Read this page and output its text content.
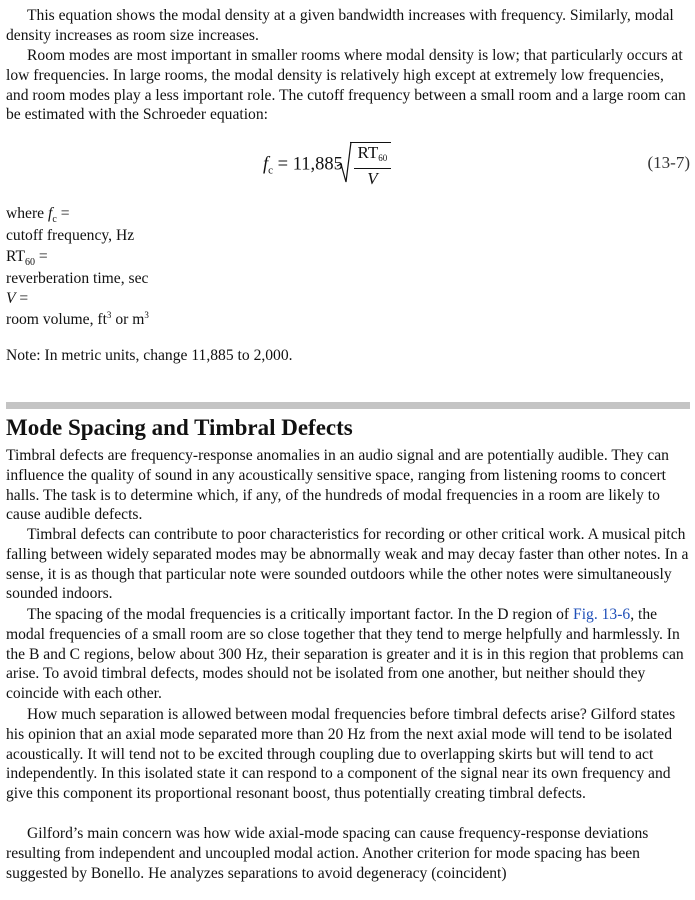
This equation shows the modal density at a given bandwidth increases with frequency. Similarly, modal density increases as room size increases.

Room modes are most important in smaller rooms where modal density is low; that particularly occurs at low frequencies. In large rooms, the modal density is relatively high except at extremely low frequencies, and room modes play a less important role. The cutoff frequency between a small room and a large room can be estimated with the Schroeder equation:

$f_c = 11,885 \frac{RT_{60}}{V}$	(13-7)

where $f_c$ =

cutoff frequency, Hz

$RT_{60}$ =

reverberation time, sec

V =

room volume, $ft^3$ or $m^3$

Note: In metric units, change 11,885 to 2,000.

Mode Spacing and Timbral Defects

Timbral defects are frequency-response anomalies in an audio signal and are potentially audible. They can influence the quality of sound in any acoustically sensitive space, ranging from listening rooms to concert halls. The task is to determine which, if any, of the hundreds of modal frequencies in a room are likely to cause audible defects.

Timbral defects can contribute to poor characteristics for recording or other critical work. A musical pitch falling between widely separated modes may be abnormally weak and may decay faster than other notes. In a sense, it is as though that particular note were sounded outdoors while the other notes were simultaneously sounded indoors.

The spacing of the modal frequencies is a critically important factor. In the D region of Fig. 13-6, the modal frequencies of a small room are so close together that they tend to merge helpfully and harmlessly. In the B and C regions, below about 300 Hz, their separation is greater and it is in this region that problems can arise. To avoid timbral defects, modes should not be isolated from one another, but neither should they coincide with each other.

How much separation is allowed between modal frequencies before timbral defects arise? Gilford states his opinion that an axial mode separated more than 20 Hz from the next axial mode will tend to be isolated acoustically. It will tend not to be excited through coupling due to overlapping skirts but will tend to act independently. In this isolated state it can respond to a component of the signal near its own frequency and give this component its proportional resonant boost, thus potentially creating timbral defects.

Gilford’s main concern was how wide axial-mode spacing can cause frequency-response deviations resulting from independent and uncoupled modal action. Another criterion for mode spacing has been suggested by Bonello. He analyzes separations to avoid degeneracy (coincident)
